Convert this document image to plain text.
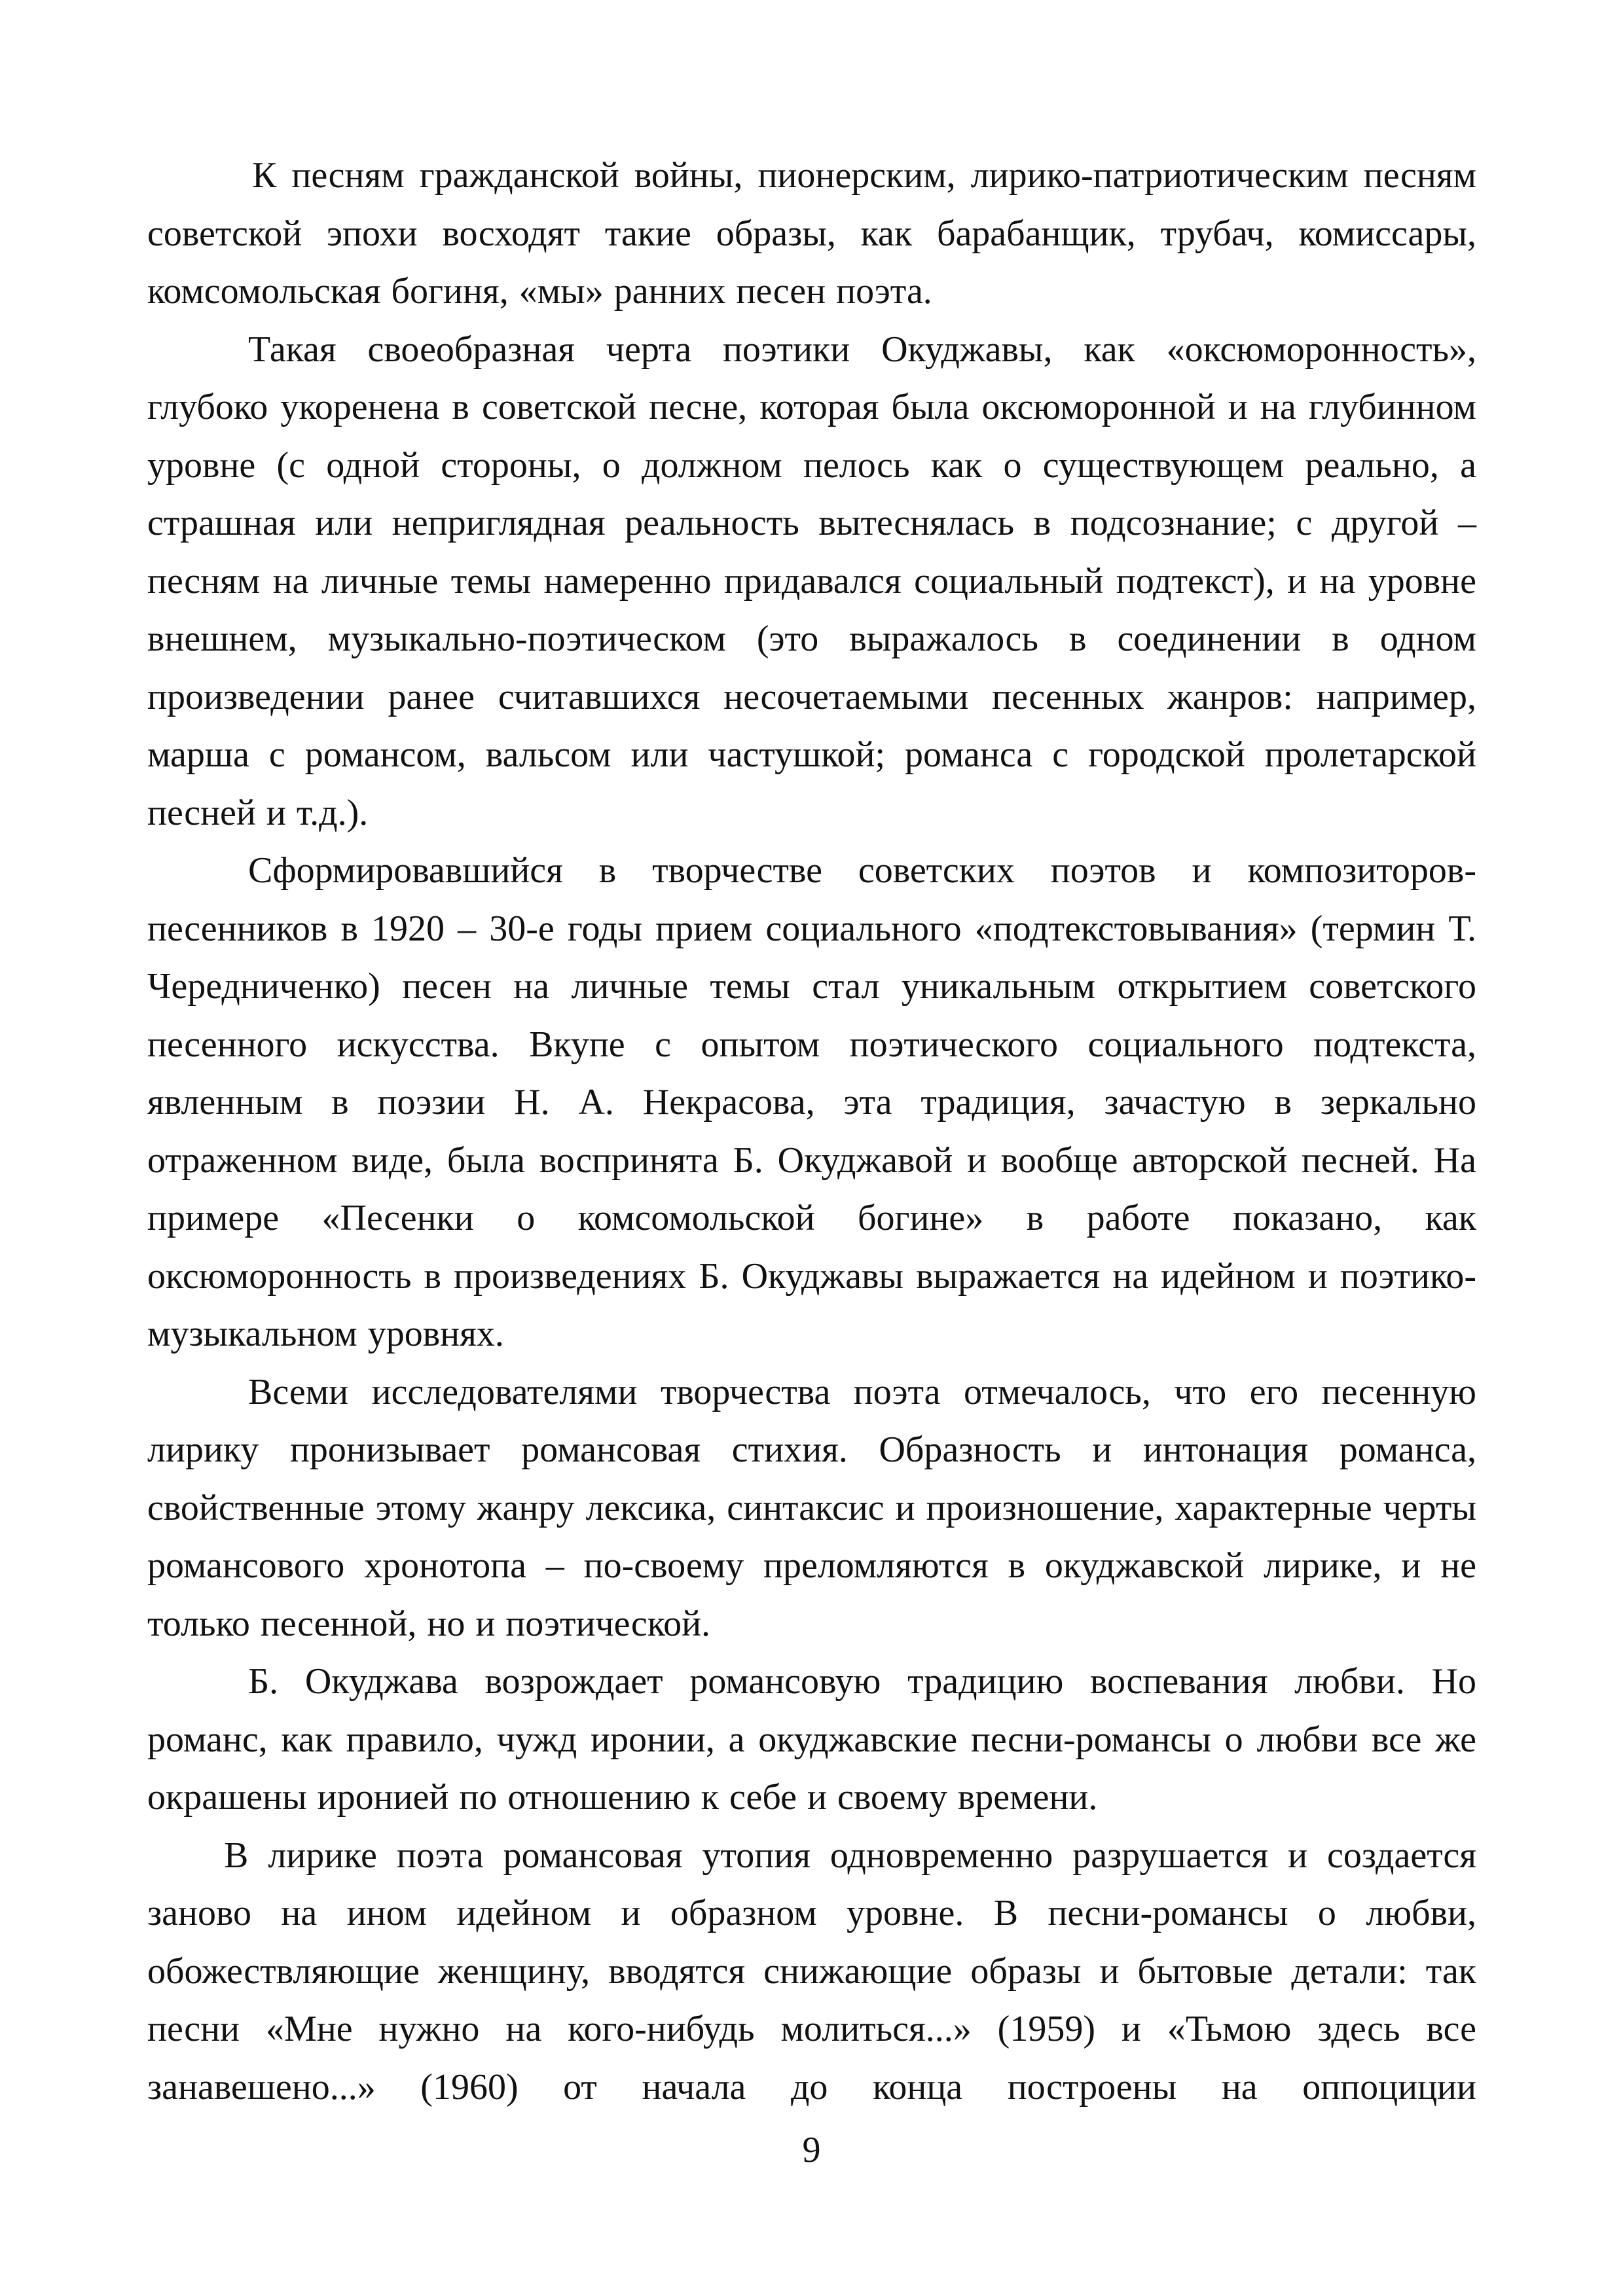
К песням гражданской войны, пионерским, лирико-патриотическим песням советской эпохи восходят такие образы, как барабанщик, трубач, комиссары, комсомольская богиня, «мы» ранних песен поэта.

Такая своеобразная черта поэтики Окуджавы, как «оксюморонность», глубоко укоренена в советской песне, которая была оксюморонной и на глубинном уровне (с одной стороны, о должном пелось как о существующем реально, а страшная или неприглядная реальность вытеснялась в подсознание; с другой – песням на личные темы намеренно придавался социальный подтекст), и на уровне внешнем, музыкально-поэтическом (это выражалось в соединении в одном произведении ранее считавшихся несочетаемыми песенных жанров: например, марша с романсом, вальсом или частушкой; романса с городской пролетарской песней и т.д.).

Сформировавшийся в творчестве советских поэтов и композиторов-песенников в 1920 – 30-е годы прием социального «подтекстовывания» (термин Т. Чередниченко) песен на личные темы стал уникальным открытием советского песенного искусства. Вкупе с опытом поэтического социального подтекста, явленным в поэзии Н. А. Некрасова, эта традиция, зачастую в зеркально отраженном виде, была воспринята Б. Окуджавой и вообще авторской песней. На примере «Песенки о комсомольской богине» в работе показано, как оксюморонность в произведениях Б. Окуджавы выражается на идейном и поэтико-музыкальном уровнях.

Всеми исследователями творчества поэта отмечалось, что его песенную лирику пронизывает романсовая стихия. Образность и интонация романса, свойственные этому жанру лексика, синтаксис и произношение, характерные черты романсового хронотопа – по-своему преломляются в окуджавской лирике, и не только песенной, но и поэтической.

Б. Окуджава возрождает романсовую традицию воспевания любви. Но романс, как правило, чужд иронии, а окуджавские песни-романсы о любви все же окрашены иронией по отношению к себе и своему времени.

В лирике поэта романсовая утопия одновременно разрушается и создается заново на ином идейном и образном уровне. В песни-романсы о любви, обожествляющие женщину, вводятся снижающие образы и бытовые детали: так песни «Мне нужно на кого-нибудь молиться...» (1959) и «Тьмою здесь все занавешено...» (1960) от начала до конца построены на оппоциции

9
